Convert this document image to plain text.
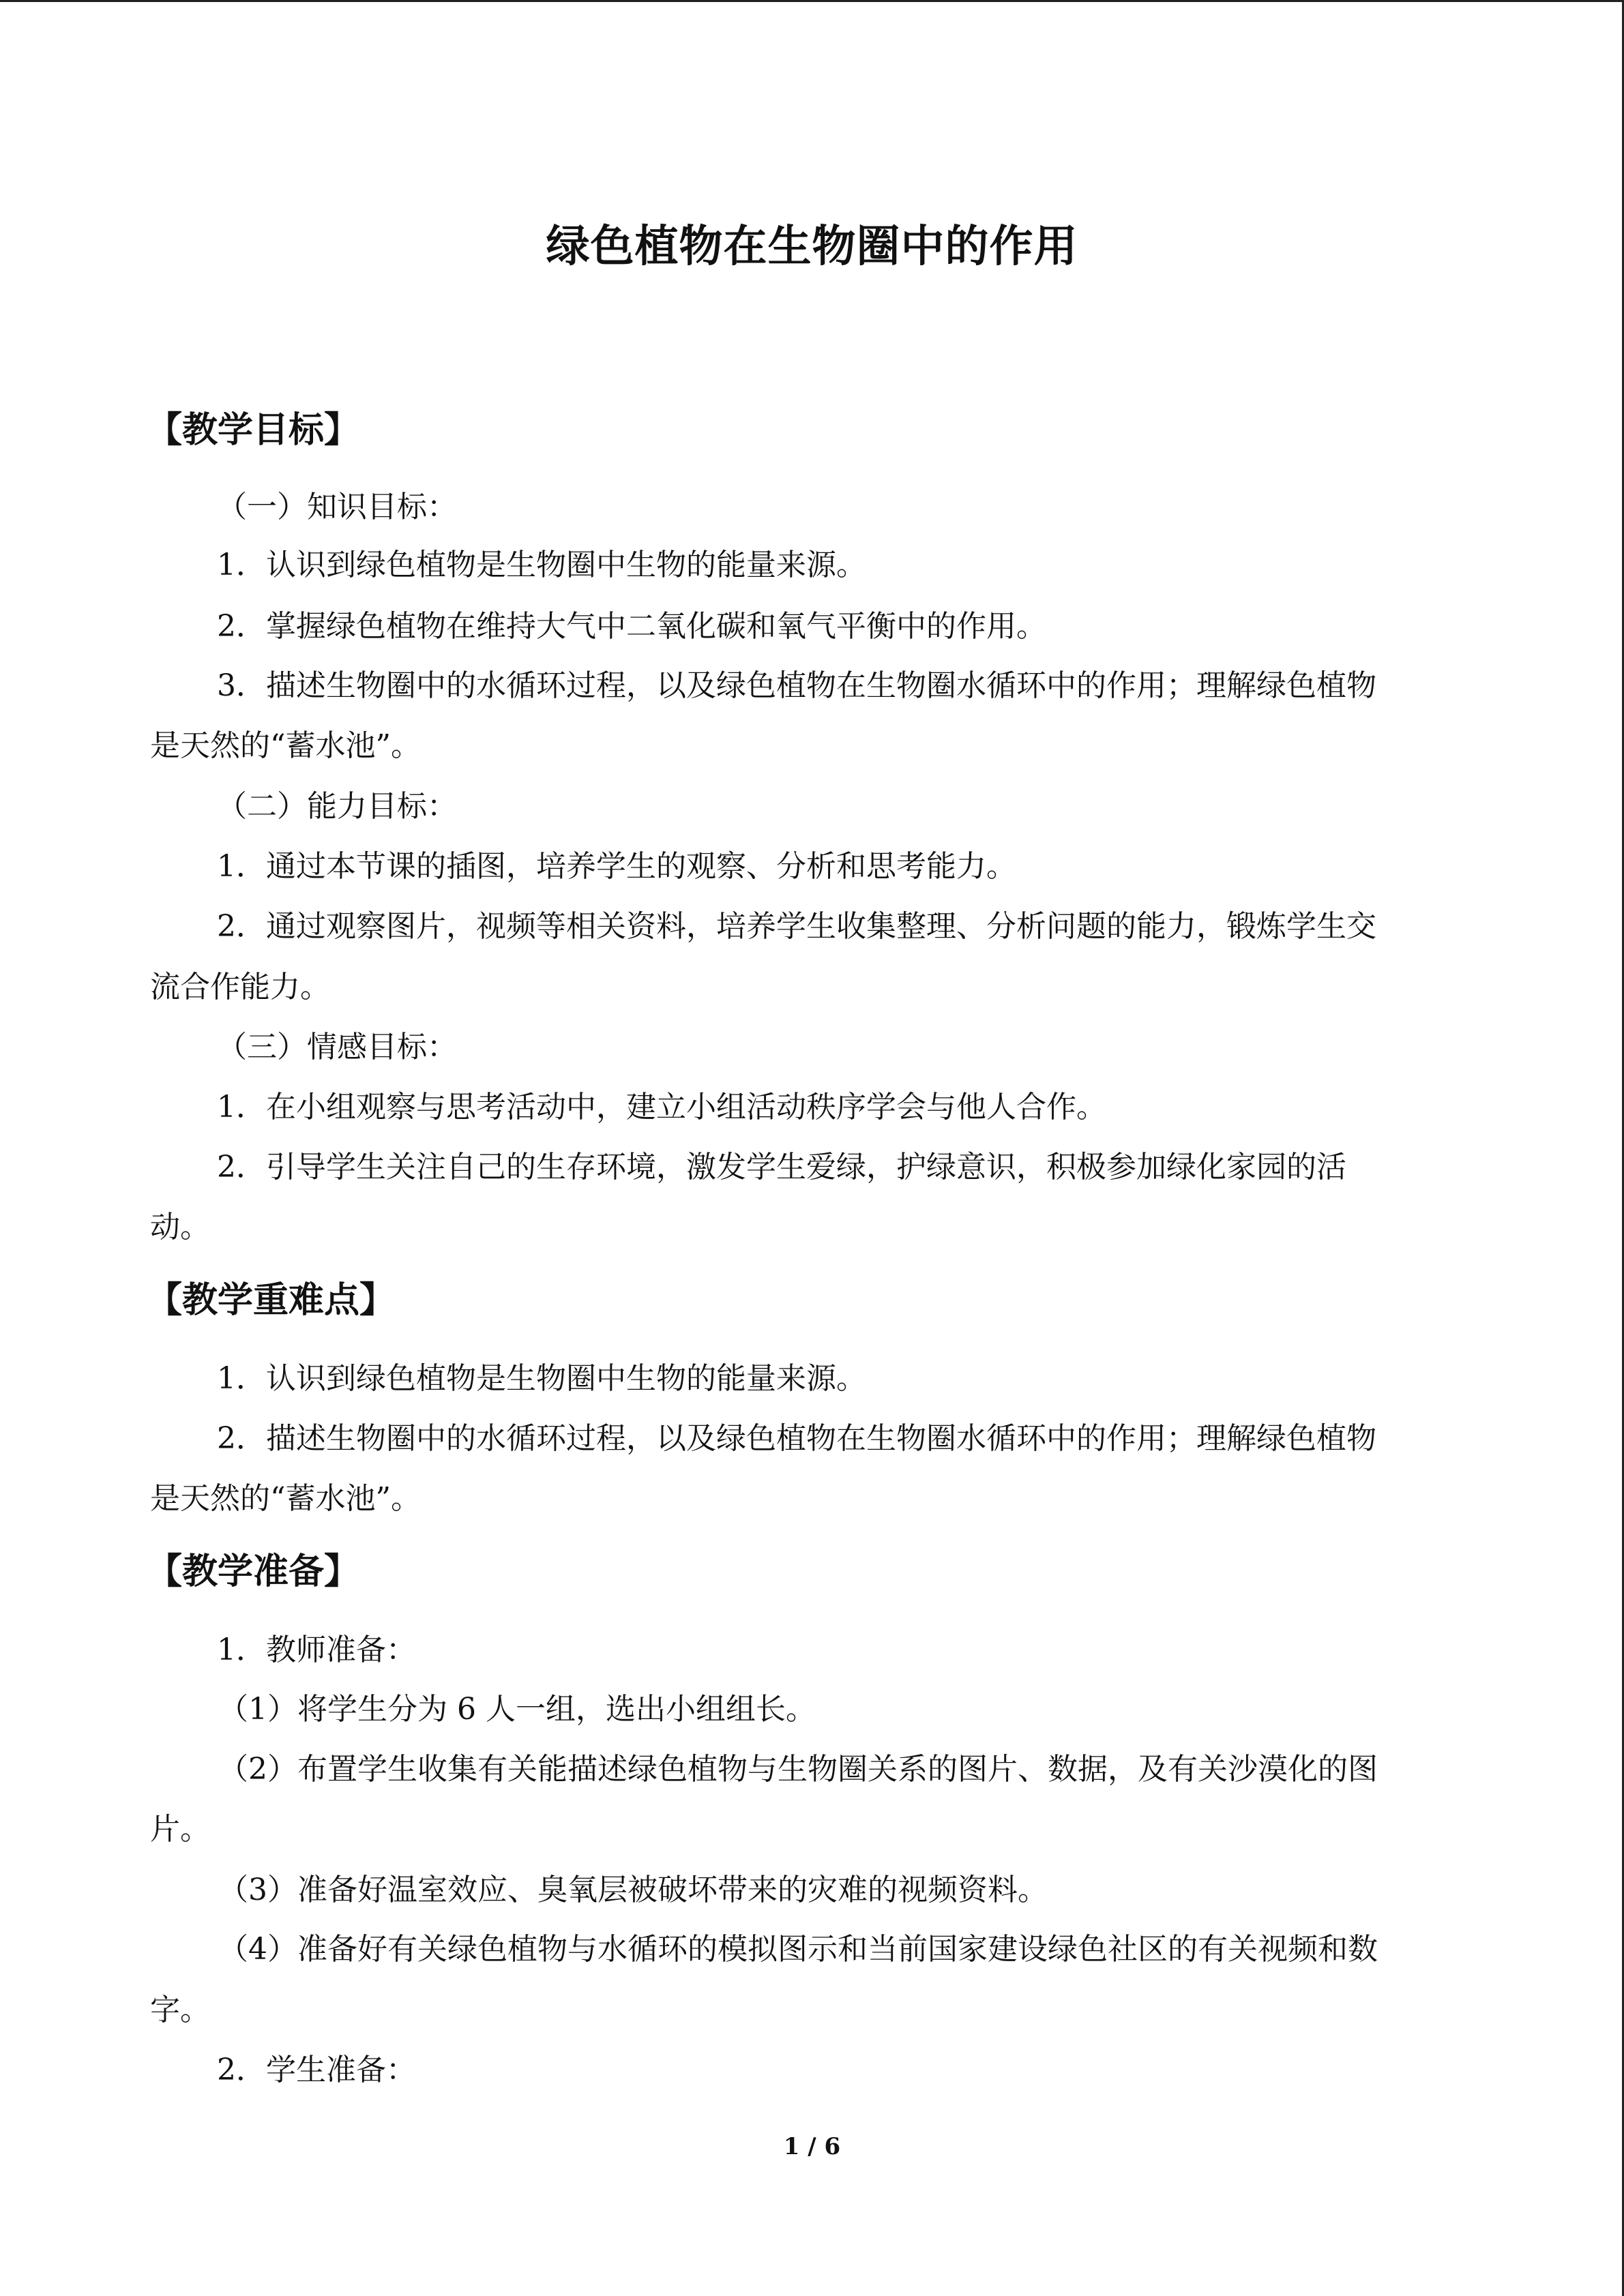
绿色植物在生物圈中的作用
【教学目标】
（一）知识目标：
1．认识到绿色植物是生物圈中生物的能量来源。
2．掌握绿色植物在维持大气中二氧化碳和氧气平衡中的作用。
3．描述生物圈中的水循环过程，以及绿色植物在生物圈水循环中的作用；理解绿色植物
是天然的“蓄水池”。
（二）能力目标：
1．通过本节课的插图，培养学生的观察、分析和思考能力。
2．通过观察图片，视频等相关资料，培养学生收集整理、分析问题的能力，锻炼学生交
流合作能力。
（三）情感目标：
1．在小组观察与思考活动中，建立小组活动秩序学会与他人合作。
2．引导学生关注自己的生存环境，激发学生爱绿，护绿意识，积极参加绿化家园的活
动。
【教学重难点】
1．认识到绿色植物是生物圈中生物的能量来源。
2．描述生物圈中的水循环过程，以及绿色植物在生物圈水循环中的作用；理解绿色植物
是天然的“蓄水池”。
【教学准备】
1．教师准备：
（1）将学生分为 6 人一组，选出小组组长。
（2）布置学生收集有关能描述绿色植物与生物圈关系的图片、数据，及有关沙漠化的图
片。
（3）准备好温室效应、臭氧层被破坏带来的灾难的视频资料。
（4）准备好有关绿色植物与水循环的模拟图示和当前国家建设绿色社区的有关视频和数
字。
2．学生准备：
1 / 6
